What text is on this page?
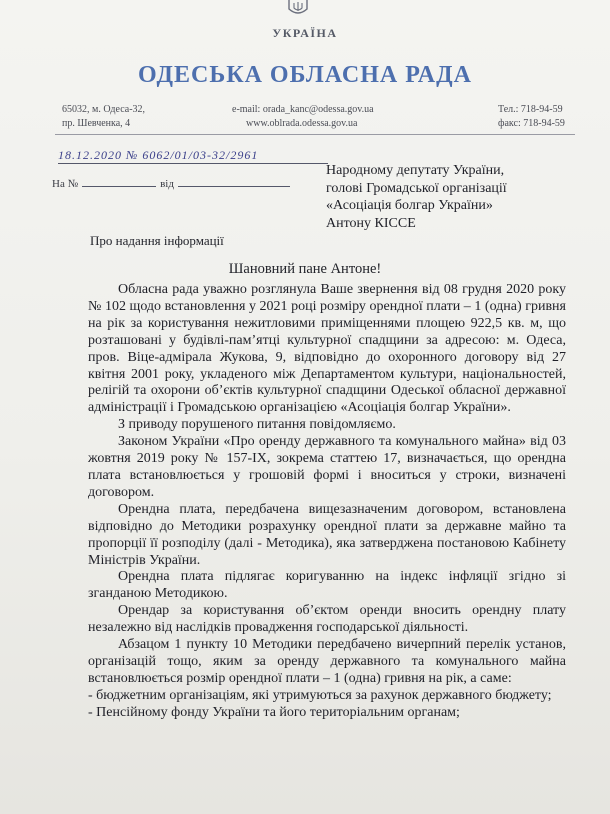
УКРАЇНА
ОДЕСЬКА ОБЛАСНА РАДА
65032, м. Одеса-32,
пр. Шевченка, 4
e-mail: orada_kanc@odessa.gov.ua
www.oblrada.odessa.gov.ua
Тел.: 718-94-59
факс: 718-94-59
18.12.2020 № 6062/01/03-32/2961
На №	від
Народному депутату України,
голові Громадської організації
«Асоціація болгар України»
Антону КІССЕ
Про надання інформації
Шановний пане Антоне!

Обласна рада уважно розглянула Ваше звернення від 08 грудня 2020 року № 102 щодо встановлення у 2021 році розміру орендної плати – 1 (одна) гривня на рік за користування нежитловими приміщеннями площею 922,5 кв. м, що розташовані у будівлі-пам’ятці культурної спадщини за адресою: м. Одеса, пров. Віце-адмірала Жукова, 9, відповідно до охоронного договору від 27 квітня 2001 року, укладеного між Департаментом культури, національностей, релігій та охорони об’єктів культурної спадщини Одеської обласної державної адміністрації і Громадською організацією «Асоціація болгар України».

З приводу порушеного питання повідомляємо.

Законом України «Про оренду державного та комунального майна» від 03 жовтня 2019 року № 157-ІХ, зокрема статтею 17, визначається, що орендна плата встановлюється у грошовій формі і вноситься у строки, визначені договором.

Орендна плата, передбачена вищезазначеним договором, встановлена відповідно до Методики розрахунку орендної плати за державне майно та пропорції її розподілу (далі - Методика), яка затверджена постановою Кабінету Міністрів України.

Орендна плата підлягає коригуванню на індекс інфляції згідно зі зганданою Методикою.

Орендар за користування об’єктом оренди вносить орендну плату незалежно від наслідків провадження господарської діяльності.

Абзацом 1 пункту 10 Методики передбачено вичерпний перелік установ, організацій тощо, яким за оренду державного та комунального майна встановлюється розмір орендної плати – 1 (одна) гривня на рік, а саме:

- бюджетним організаціям, які утримуються за рахунок державного бюджету;

- Пенсійному фонду України та його територіальним органам;
